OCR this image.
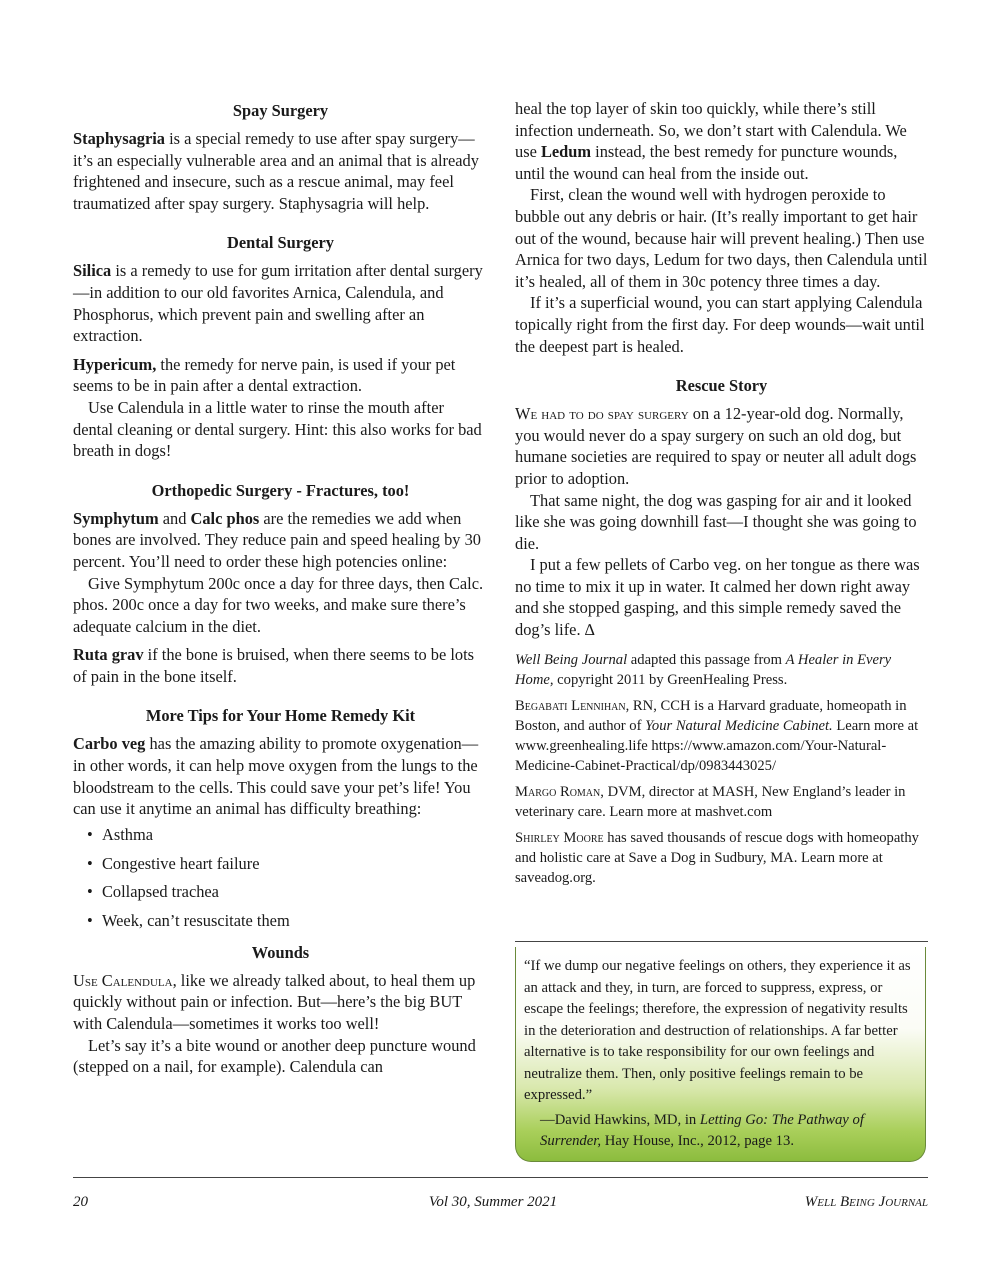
Spay Surgery

Staphysagria is a special remedy to use after spay surgery—it’s an especially vulnerable area and an animal that is already frightened and insecure, such as a rescue animal, may feel traumatized after spay surgery. Staphysagria will help.

Dental Surgery

Silica is a remedy to use for gum irritation after dental surgery—in addition to our old favorites Arnica, Calendula, and Phosphorus, which prevent pain and swelling after an extraction.

Hypericum, the remedy for nerve pain, is used if your pet seems to be in pain after a dental extraction.

Use Calendula in a little water to rinse the mouth after dental cleaning or dental surgery. Hint: this also works for bad breath in dogs!

Orthopedic Surgery - Fractures, too!

Symphytum and Calc phos are the remedies we add when bones are involved. They reduce pain and speed healing by 30 percent. You’ll need to order these high potencies online:

Give Symphytum 200c once a day for three days, then Calc. phos. 200c once a day for two weeks, and make sure there’s adequate calcium in the diet.

Ruta grav if the bone is bruised, when there seems to be lots of pain in the bone itself.

More Tips for Your Home Remedy Kit

Carbo veg has the amazing ability to promote oxygenation—in other words, it can help move oxygen from the lungs to the bloodstream to the cells. This could save your pet’s life! You can use it anytime an animal has difficulty breathing:

• Asthma
• Congestive heart failure
• Collapsed trachea
• Week, can’t resuscitate them
Wounds

Use Calendula, like we already talked about, to heal them up quickly without pain or infection. But—here’s the big BUT with Calendula—sometimes it works too well!

Let’s say it’s a bite wound or another deep puncture wound (stepped on a nail, for example). Calendula can

heal the top layer of skin too quickly, while there’s still infection underneath. So, we don’t start with Calendula. We use Ledum instead, the best remedy for puncture wounds, until the wound can heal from the inside out.

First, clean the wound well with hydrogen peroxide to bubble out any debris or hair. (It’s really important to get hair out of the wound, because hair will prevent healing.) Then use Arnica for two days, Ledum for two days, then Calendula until it’s healed, all of them in 30c potency three times a day.

If it’s a superficial wound, you can start applying Calendula topically right from the first day. For deep wounds—wait until the deepest part is healed.

Rescue Story

We had to do spay surgery on a 12-year-old dog. Normally, you would never do a spay surgery on such an old dog, but humane societies are required to spay or neuter all adult dogs prior to adoption.

That same night, the dog was gasping for air and it looked like she was going downhill fast—I thought she was going to die.

I put a few pellets of Carbo veg. on her tongue as there was no time to mix it up in water. It calmed her down right away and she stopped gasping, and this simple remedy saved the dog’s life. ∆

Well Being Journal adapted this passage from A Healer in Every Home, copyright 2011 by GreenHealing Press.

Begabati Lennihan, RN, CCH is a Harvard graduate, homeopath in Boston, and author of Your Natural Medicine Cabinet. Learn more at www.greenhealing.life https://www.amazon.com/Your-Natural-Medicine-Cabinet-Practical/dp/0983443025/

Margo Roman, DVM, director at MASH, New England’s leader in veterinary care. Learn more at mashvet.com

Shirley Moore has saved thousands of rescue dogs with homeopathy and holistic care at Save a Dog in Sudbury, MA. Learn more at saveadog.org.

“If we dump our negative feelings on others, they experience it as an attack and they, in turn, are forced to suppress, express, or escape the feelings; therefore, the expression of negativity results in the deterioration and destruction of relationships. A far better alternative is to take responsibility for our own feelings and neutralize them. Then, only positive feelings remain to be expressed.”

—David Hawkins, MD, in Letting Go: The Pathway of Surrender, Hay House, Inc., 2012, page 13.

20	Vol 30, Summer 2021	Well Being Journal
